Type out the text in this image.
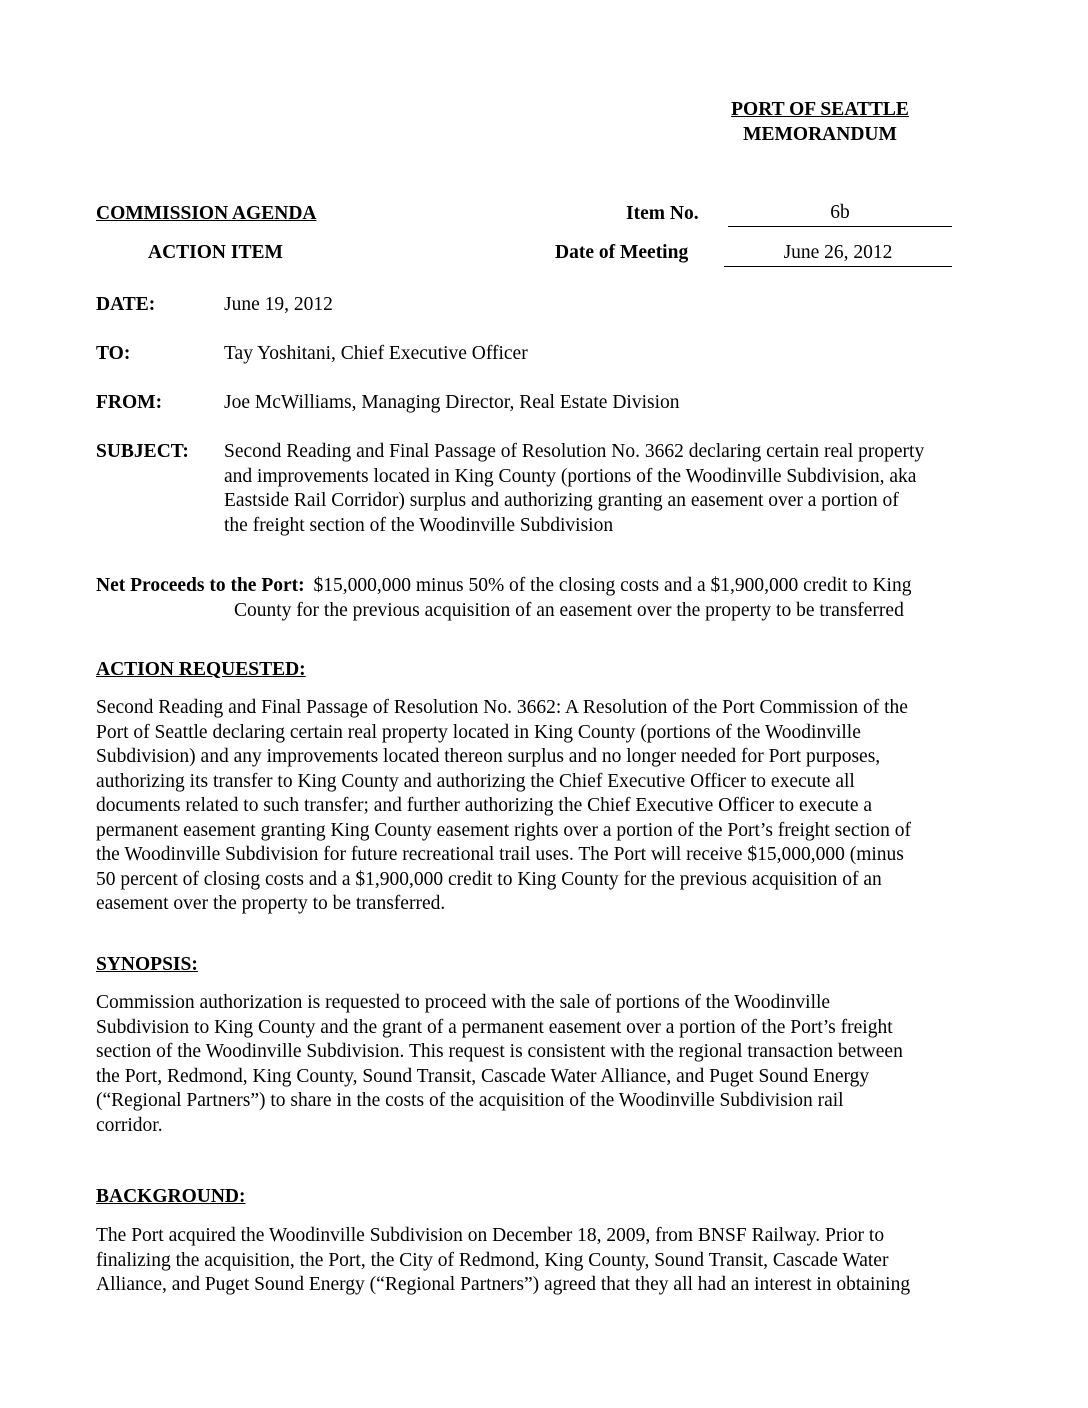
PORT OF SEATTLE
MEMORANDUM
COMMISSION AGENDA
ACTION ITEM
Item No.	6b
Date of Meeting	June 26, 2012
DATE:	June 19, 2012
TO:	Tay Yoshitani, Chief Executive Officer
FROM:	Joe McWilliams, Managing Director, Real Estate Division
SUBJECT: Second Reading and Final Passage of Resolution No. 3662 declaring certain real property

and improvements located in King County (portions of the Woodinville Subdivision, aka

Eastside Rail Corridor) surplus and authorizing granting an easement over a portion of

the freight section of the Woodinville Subdivision

Net Proceeds to the Port: $15,000,000 minus 50% of the closing costs and a $1,900,000 credit to King

County for the previous acquisition of an easement over the property to be transferred

ACTION REQUESTED:

Second Reading and Final Passage of Resolution No. 3662: A Resolution of the Port Commission of the

Port of Seattle declaring certain real property located in King County (portions of the Woodinville

Subdivision) and any improvements located thereon surplus and no longer needed for Port purposes,

authorizing its transfer to King County and authorizing the Chief Executive Officer to execute all

documents related to such transfer; and further authorizing the Chief Executive Officer to execute a

permanent easement granting King County easement rights over a portion of the Port’s freight section of

the Woodinville Subdivision for future recreational trail uses. The Port will receive $15,000,000 (minus

50 percent of closing costs and a $1,900,000 credit to King County for the previous acquisition of an

easement over the property to be transferred.

SYNOPSIS:

Commission authorization is requested to proceed with the sale of portions of the Woodinville

Subdivision to King County and the grant of a permanent easement over a portion of the Port’s freight

section of the Woodinville Subdivision. This request is consistent with the regional transaction between

the Port, Redmond, King County, Sound Transit, Cascade Water Alliance, and Puget Sound Energy

(“Regional Partners”) to share in the costs of the acquisition of the Woodinville Subdivision rail

corridor.

BACKGROUND:

The Port acquired the Woodinville Subdivision on December 18, 2009, from BNSF Railway. Prior to

finalizing the acquisition, the Port, the City of Redmond, King County, Sound Transit, Cascade Water

Alliance, and Puget Sound Energy (“Regional Partners”) agreed that they all had an interest in obtaining
